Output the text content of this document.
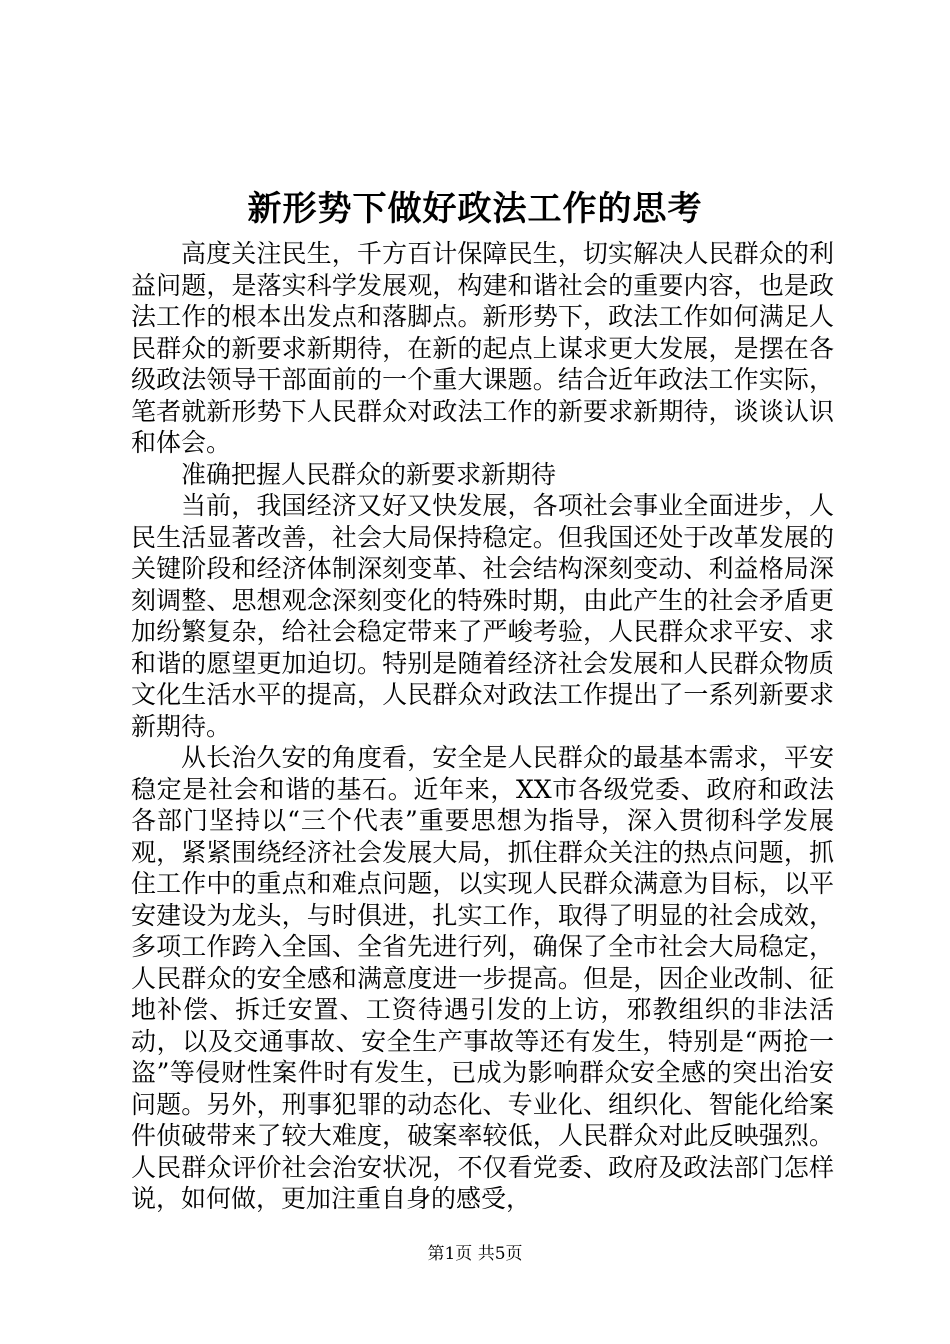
新形势下做好政法工作的思考

高度关注民生，千方百计保障民生，切实解决人民群众的利益问题，是落实科学发展观，构建和谐社会的重要内容，也是政法工作的根本出发点和落脚点。新形势下，政法工作如何满足人民群众的新要求新期待，在新的起点上谋求更大发展，是摆在各级政法领导干部面前的一个重大课题。结合近年政法工作实际，笔者就新形势下人民群众对政法工作的新要求新期待，谈谈认识和体会。

准确把握人民群众的新要求新期待

当前，我国经济又好又快发展，各项社会事业全面进步，人民生活显著改善，社会大局保持稳定。但我国还处于改革发展的关键阶段和经济体制深刻变革、社会结构深刻变动、利益格局深刻调整、思想观念深刻变化的特殊时期，由此产生的社会矛盾更加纷繁复杂，给社会稳定带来了严峻考验，人民群众求平安、求和谐的愿望更加迫切。特别是随着经济社会发展和人民群众物质文化生活水平的提高，人民群众对政法工作提出了一系列新要求新期待。

从长治久安的角度看，安全是人民群众的最基本需求，平安稳定是社会和谐的基石。近年来，XX市各级党委、政府和政法各部门坚持以“三个代表”重要思想为指导，深入贯彻科学发展观，紧紧围绕经济社会发展大局，抓住群众关注的热点问题，抓住工作中的重点和难点问题，以实现人民群众满意为目标，以平安建设为龙头，与时俱进，扎实工作，取得了明显的社会成效，多项工作跨入全国、全省先进行列，确保了全市社会大局稳定，人民群众的安全感和满意度进一步提高。但是，因企业改制、征地补偿、拆迁安置、工资待遇引发的上访，邪教组织的非法活动，以及交通事故、安全生产事故等还有发生，特别是“两抢一盗”等侵财性案件时有发生，已成为影响群众安全感的突出治安问题。另外，刑事犯罪的动态化、专业化、组织化、智能化给案件侦破带来了较大难度，破案率较低，人民群众对此反映强烈。人民群众评价社会治安状况，不仅看党委、政府及政法部门怎样说，如何做，更加注重自身的感受，

第1页 共5页
